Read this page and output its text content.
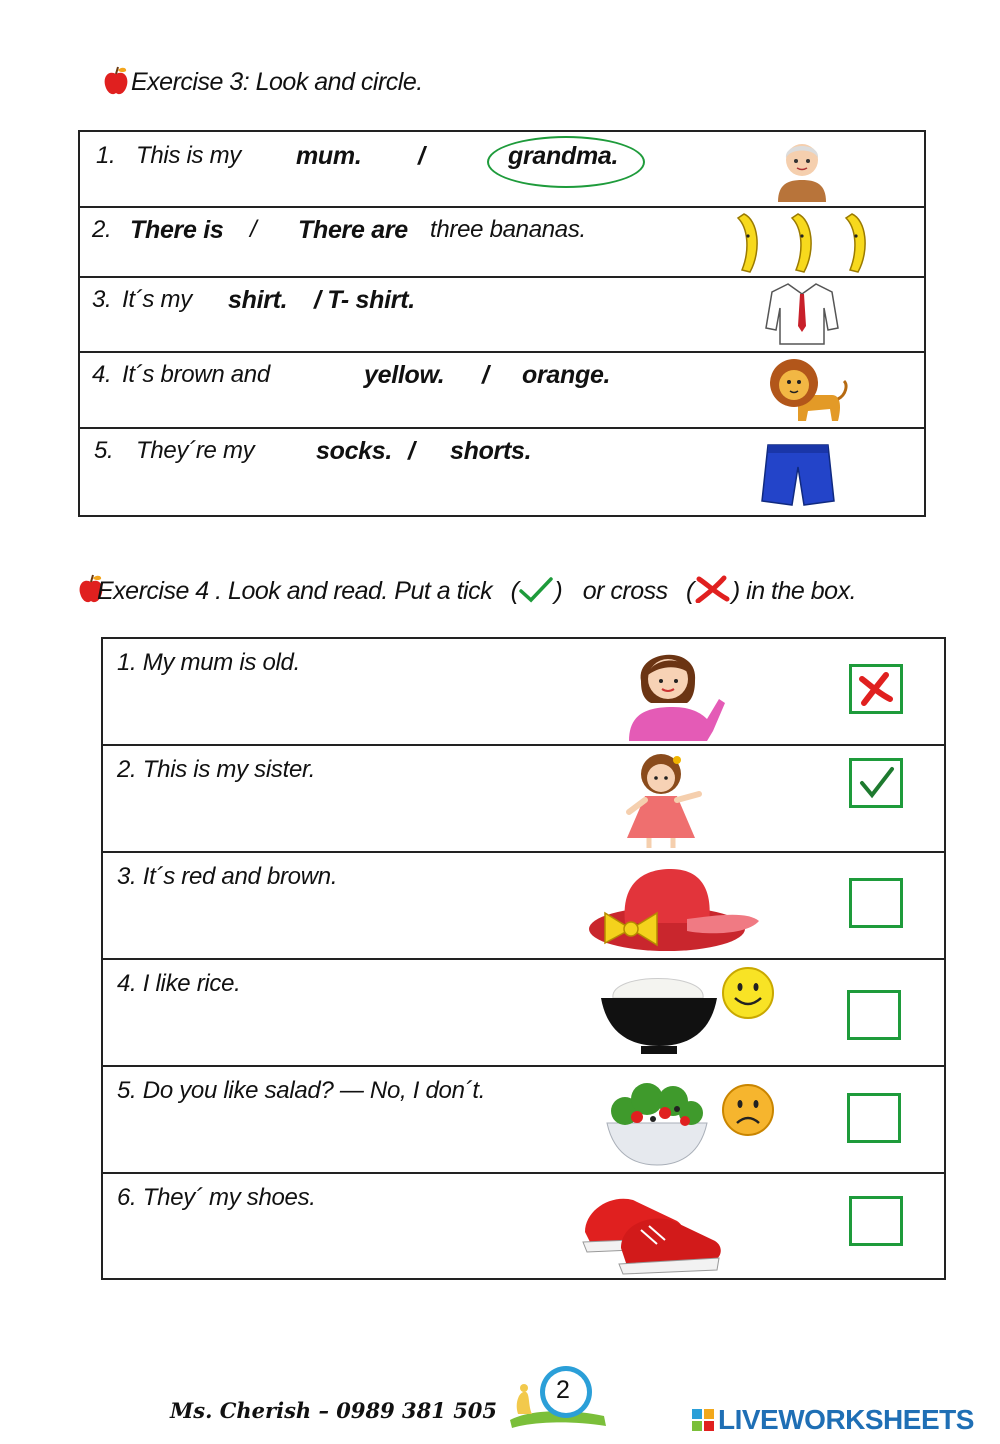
Exercise 3: Look and circle.
1. This is my mum. /	grandma.

2. There is / There are three bananas.

3. It´s my shirt. / T- shirt.

4. It´s brown and	yellow. / orange.

5. They´re my socks. / shorts.
Exercise 4 . Look and read. Put a tick ( ) or cross ( ) in the box.
1. My mum is old.

2. This is my sister.

3. It´s red and brown.

4. I like rice.

5. Do you like salad? — No, I don´t.

6. They´ my shoes.
Ms. Cherish – 0989 381 505
2
LIVEWORKSHEETS
